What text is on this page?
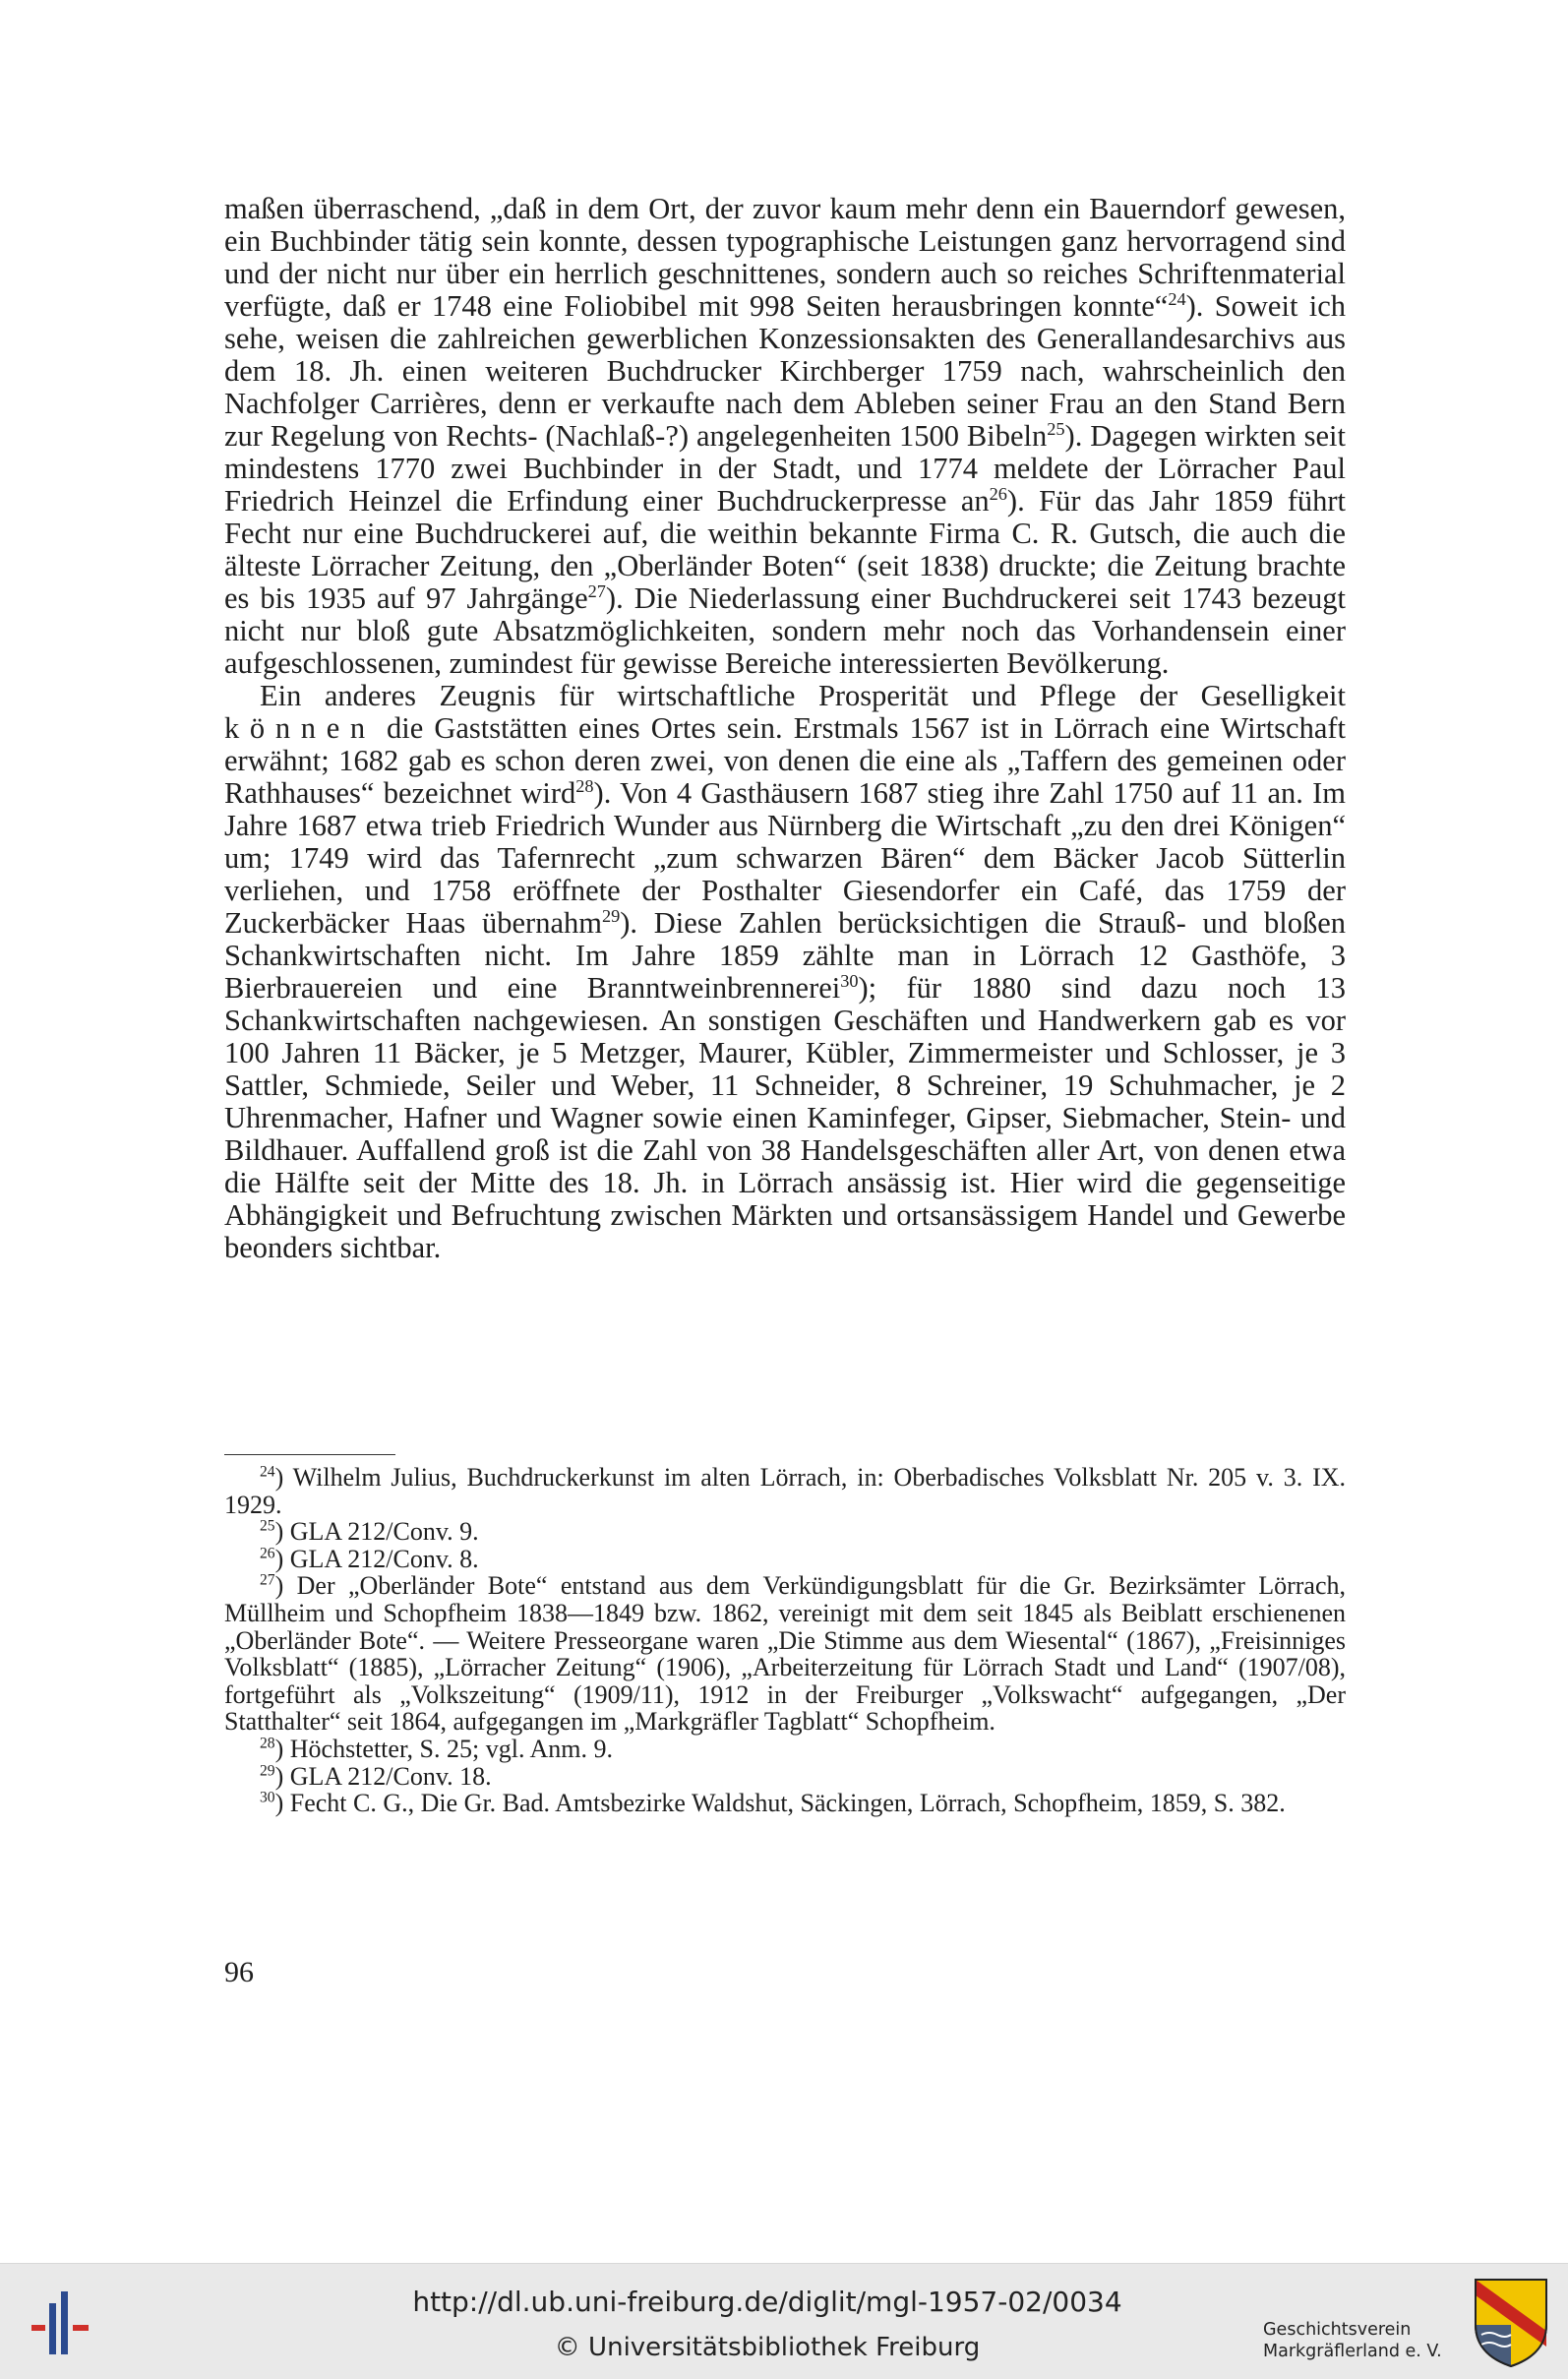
maßen überraschend, „daß in dem Ort, der zuvor kaum mehr denn ein Bauerndorf gewesen, ein Buchbinder tätig sein konnte, dessen typographische Leistungen ganz hervorragend sind und der nicht nur über ein herrlich geschnittenes, sondern auch so reiches Schriftenmaterial verfügte, daß er 1748 eine Foliobibel mit 998 Seiten herausbringen konnte“$^{24}$). Soweit ich sehe, weisen die zahlreichen gewerblichen Konzessionsakten des Generallandesarchivs aus dem 18. Jh. einen weiteren Buchdrucker Kirchberger 1759 nach, wahrscheinlich den Nachfolger Carrières, denn er verkaufte nach dem Ableben seiner Frau an den Stand Bern zur Regelung von Rechts- (Nachlaß-?) angelegenheiten 1500 Bibeln$^{25}$). Dagegen wirkten seit mindestens 1770 zwei Buchbinder in der Stadt, und 1774 meldete der Lörracher Paul Friedrich Heinzel die Erfindung einer Buchdruckerpresse $an^{26}$). Für das Jahr 1859 führt Fecht nur eine Buchdruckerei auf, die weithin bekannte Firma C. R. Gutsch, die auch die älteste Lörracher Zeitung, den „Oberländer Boten“ (seit 1838) druckte; die Zeitung brachte es bis 1935 auf 97 Jahrgänge$^{27}$). Die Niederlassung einer Buchdruckerei seit 1743 bezeugt nicht nur bloß gute Absatzmöglichkeiten, sondern mehr noch das Vorhandensein einer aufgeschlossenen, zumindest für gewisse Bereiche interessierten Bevölkerung.

Ein anderes Zeugnis für wirtschaftliche Prosperität und Pflege der Geselligkeit können die Gaststätten eines Ortes sein. Erstmals 1567 ist in Lörrach eine Wirtschaft erwähnt; 1682 gab es schon deren zwei, von denen die eine als „Taffern des gemeinen oder Rathhauses“ bezeichnet wird$^{28}$). Von 4 Gasthäusern 1687 stieg ihre Zahl 1750 auf 11 an. Im Jahre 1687 etwa trieb Friedrich Wunder aus Nürnberg die Wirtschaft „zu den drei Königen“ um; 1749 wird das Tafernrecht „zum schwarzen Bären“ dem Bäcker Jacob Sütterlin verliehen, und 1758 eröffnete der Posthalter Giesendorfer ein Café, das 1759 der Zuckerbäcker Haas übernahm$^{29}$). Diese Zahlen berücksichtigen die Strauß- und bloßen Schankwirtschaften nicht. Im Jahre 1859 zählte man in Lörrach 12 Gasthöfe, 3 Bierbrauereien und eine Branntweinbrennerei$^{30}$); für 1880 sind dazu noch 13 Schankwirtschaften nachgewiesen. An sonstigen Geschäften und Handwerkern gab es vor 100 Jahren 11 Bäcker, je 5 Metzger, Maurer, Kübler, Zimmermeister und Schlosser, je 3 Sattler, Schmiede, Seiler und Weber, 11 Schneider, 8 Schreiner, 19 Schuhmacher, je 2 Uhrenmacher, Hafner und Wagner sowie einen Kaminfeger, Gipser, Siebmacher, Stein- und Bildhauer. Auffallend groß ist die Zahl von 38 Handelsgeschäften aller Art, von denen etwa die Hälfte seit der Mitte des 18. Jh. in Lörrach ansässig ist. Hier wird die gegenseitige Abhängigkeit und Befruchtung zwischen Märkten und ortsansässigem Handel und Gewerbe beonders sichtbar.

$^{24}$) Wilhelm Julius, Buchdruckerkunst im alten Lörrach, in: Oberbadisches Volksblatt Nr. 205 v. 3. IX. 1929.

$^{25}$) GLA 212/Conv. 9.

$^{26}$) GLA 212/Conv. 8.

$^{27}$) Der „Oberländer Bote“ entstand aus dem Verkündigungsblatt für die Gr. Bezirksämter Lörrach, Müllheim und Schopfheim 1838—1849 bzw. 1862, vereinigt mit dem seit 1845 als Beiblatt erschienenen „Oberländer Bote“. — Weitere Presseorgane waren „Die Stimme aus dem Wiesental“ (1867), „Freisinniges Volksblatt“ (1885), „Lörracher Zeitung“ (1906), „Arbeiterzeitung für Lörrach Stadt und Land“ (1907/08), fortgeführt als „Volkszeitung“ (1909/11), 1912 in der Freiburger „Volkswacht“ aufgegangen, „Der Statthalter“ seit 1864, aufgegangen im „Markgräfler Tagblatt“ Schopfheim.

$^{28}$) Höchstetter, S. 25; vgl. Anm. 9.

$^{29}$) GLA 212/Conv. 18.

$^{30}$) Fecht C. G., Die Gr. Bad. Amtsbezirke Waldshut, Säckingen, Lörrach, Schopfheim, 1859, S. 382.

96
http://dl.ub.uni-freiburg.de/diglit/mgl-1957-02/0034
© Universitätsbibliothek Freiburg
Geschichtsverein
Markgräflerland e. V.
